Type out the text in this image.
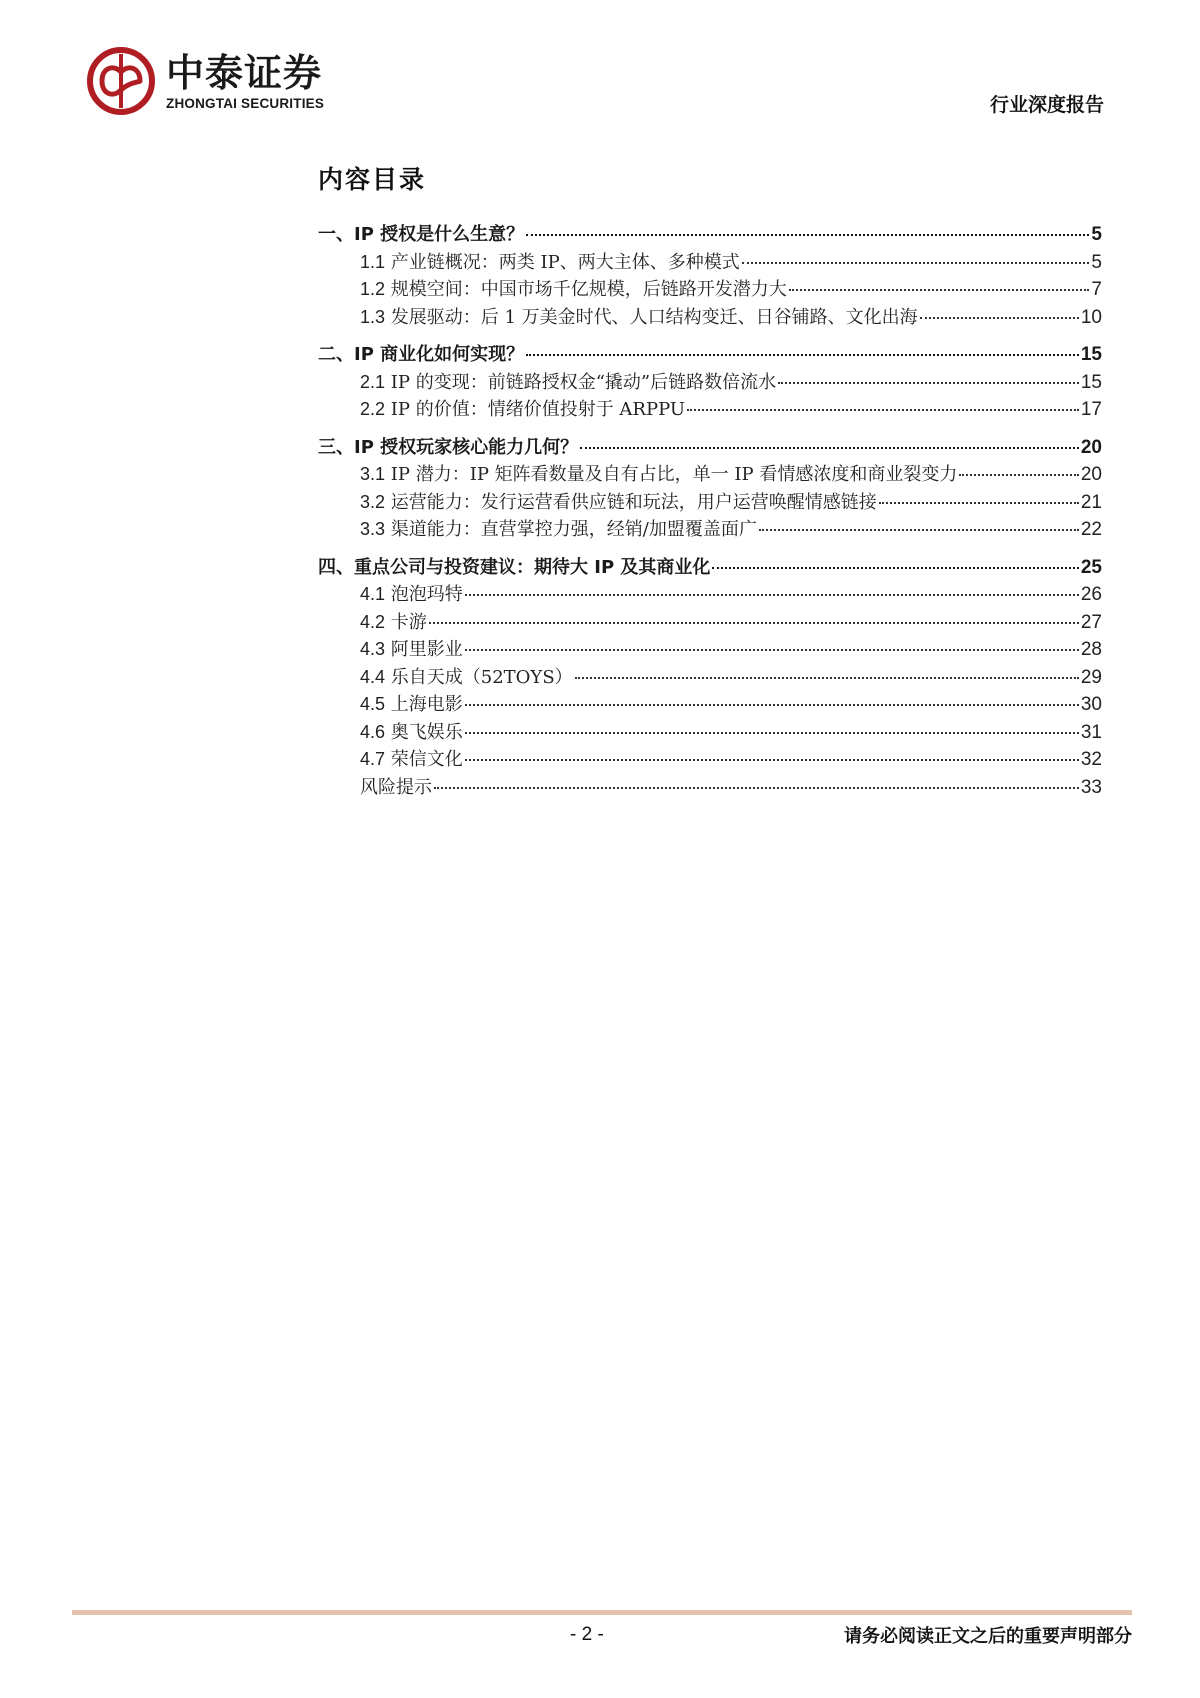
中泰证券
ZHONGTAI SECURITIES	行业深度报告
内容目录
一、IP 授权是什么生意？	5
1.1 产业链概况：两类 IP、两大主体、多种模式	5
1.2 规模空间：中国市场千亿规模，后链路开发潜力大	7
1.3 发展驱动：后 1 万美金时代、人口结构变迁、日谷铺路、文化出海	10
二、IP 商业化如何实现？	15
2.1 IP 的变现：前链路授权金“撬动”后链路数倍流水	15
2.2 IP 的价值：情绪价值投射于 ARPPU	17
三、IP 授权玩家核心能力几何？	20
3.1 IP 潜力：IP 矩阵看数量及自有占比，单一 IP 看情感浓度和商业裂变力	20
3.2 运营能力：发行运营看供应链和玩法，用户运营唤醒情感链接	21
3.3 渠道能力：直营掌控力强，经销/加盟覆盖面广	22
四、重点公司与投资建议：期待大 IP 及其商业化	25
4.1 泡泡玛特	26
4.2 卡游	27
4.3 阿里影业	28
4.4 乐自天成（52TOYS）	29
4.5 上海电影	30
4.6 奥飞娱乐	31
4.7 荣信文化	32
风险提示	33
- 2 -	请务必阅读正文之后的重要声明部分
